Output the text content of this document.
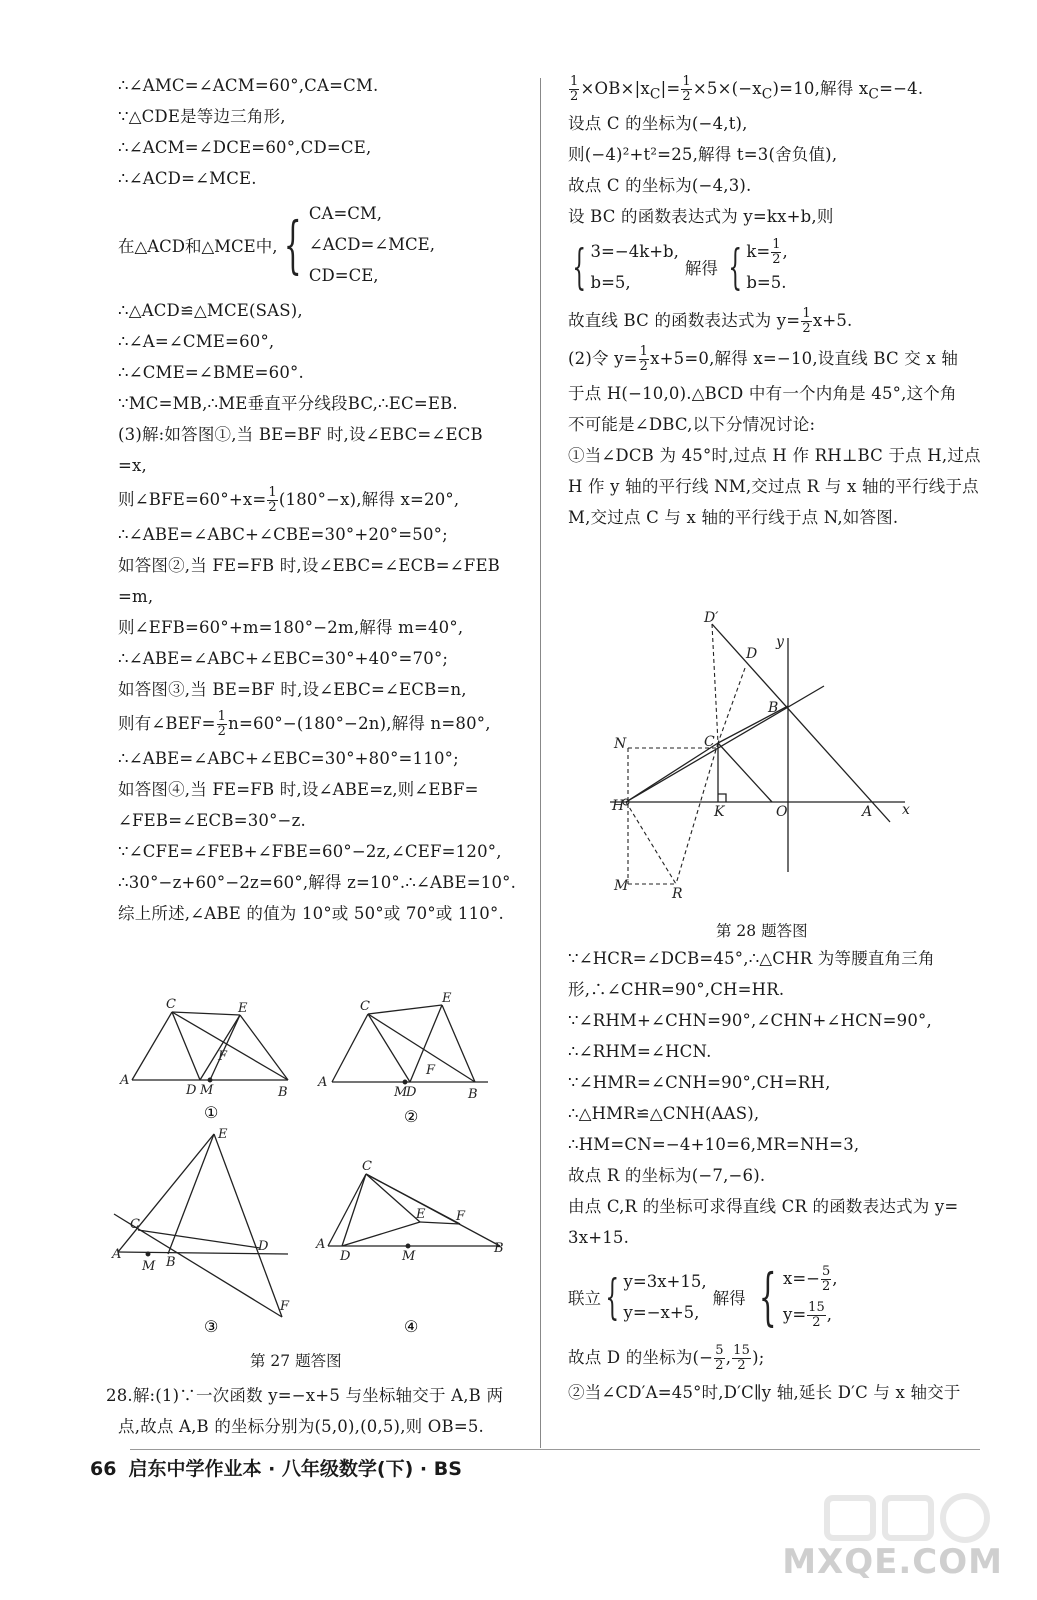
∴∠AMC=∠ACM=60°,CA=CM.
∵△CDE是等边三角形,
∴∠ACM=∠DCE=60°,CD=CE,
∴∠ACD=∠MCE.
在△ACD和△MCE中, { CA=CM,
∠ACD=∠MCE,
CD=CE,
∴△ACD≌△MCE(SAS),
∴∠A=∠CME=60°,
∴∠CME=∠BME=60°.
∵MC=MB,∴ME垂直平分线段BC,∴EC=EB.
(3)解:如答图①,当 BE=BF 时,设∠EBC=∠ECB
=x,
则∠BFE=60°+x= $\frac{1}{2} (180^\circ-x)$,解得 x=20°,
∴∠ABE=∠ABC+∠CBE=30°+20°=50°;
如答图②,当 FE=FB 时,设∠EBC=∠ECB=∠FEB
=m,
则∠EFB=60°+m=180°−2m,解得 m=40°,
∴∠ABE=∠ABC+∠EBC=30°+40°=70°;
如答图③,当 BE=BF 时,设∠EBC=∠ECB=n,
则有∠BEF= $\frac{1}{2} n=60^\circ-(180^\circ-2n)$,解得 n=80°,
∴∠ABE=∠ABC+∠EBC=30°+80°=110°;
如答图④,当 FE=FB 时,设∠ABE=z,则∠EBF=
∠FEB=∠ECB=30°−z.
∵∠CFE=∠FEB+∠FBE=60°−2z,∠CEF=120°,
∴30°−z+60°−2z=60°,解得 z=10°.∴∠ABE=10°.
综上所述,∠ABE 的值为 10°或 50°或 70°或 110°.
C	E
F
A
D M	B
①
C
E
F
A
M
D	B
②
E
C
A
M B
D
F
③
C
E F
A
D	M
B
④
第 27 题答图
28.解:(1)∵一次函数 y=−x+5 与坐标轴交于 A,B 两
点,故点 A,B 的坐标分别为(5,0),(0,5),则 OB=5.
$\frac{1}{2} \times OB\times|x_C|= \frac{1}{2} \times 5\times(-x_C)=10$,解得 $x_C=-4$.
设点 C 的坐标为(−4,t),
则(−4)²+t²=25,解得 t=3(舍负值),
故点 C 的坐标为(−4,3).
设 BC 的函数表达式为 y=kx+b,则
{ 3=−4k+b,
b=5,
解得 { $k= \frac{1}{2}$ ,
b=5.
故直线 BC 的函数表达式为 $y= \frac{1}{2} x+5$.
(2)令 $y= \frac{1}{2} x+5=0$,解得 x=−10,设直线 BC 交 x 轴
于点 H(−10,0).△BCD 中有一个内角是 45°,这个角
不可能是∠DBC,以下分情况讨论:
①当∠DCB 为 45°时,过点 H 作 RH⊥BC 于点 H,过点
H 作 y 轴的平行线 NM,交过点 R 与 x 轴的平行线于点
M,交过点 C 与 x 轴的平行线于点 N,如答图.
D′
D
y
B
C
N
H	K	O	A x
M	R
第 28 题答图
∵∠HCR=∠DCB=45°,∴△CHR 为等腰直角三角
形,∴∠CHR=90°,CH=HR.
∵∠RHM+∠CHN=90°,∠CHN+∠HCN=90°,
∴∠RHM=∠HCN.
∵∠HMR=∠CNH=90°,CH=RH,
∴△HMR≌△CNH(AAS),
∴HM=CN=−4+10=6,MR=NH=3,
故点 R 的坐标为(−7,−6).
由点 C,R 的坐标可求得直线 CR 的函数表达式为 y=
3x+15.
联立 { y=3x+15,
y=−x+5,
解得 { $x=- \frac{5}{2}$ ,
$y= \frac{15}{2}$ ,
故点 D 的坐标为(− $\frac{5}{2}$ , $\frac{15}{2}$ );
②当∠CD′A=45°时,D′C∥y 轴,延长 D′C 与 x 轴交于
66 启东中学作业本 · 八年级数学(下) · BS
MXQE.COM
